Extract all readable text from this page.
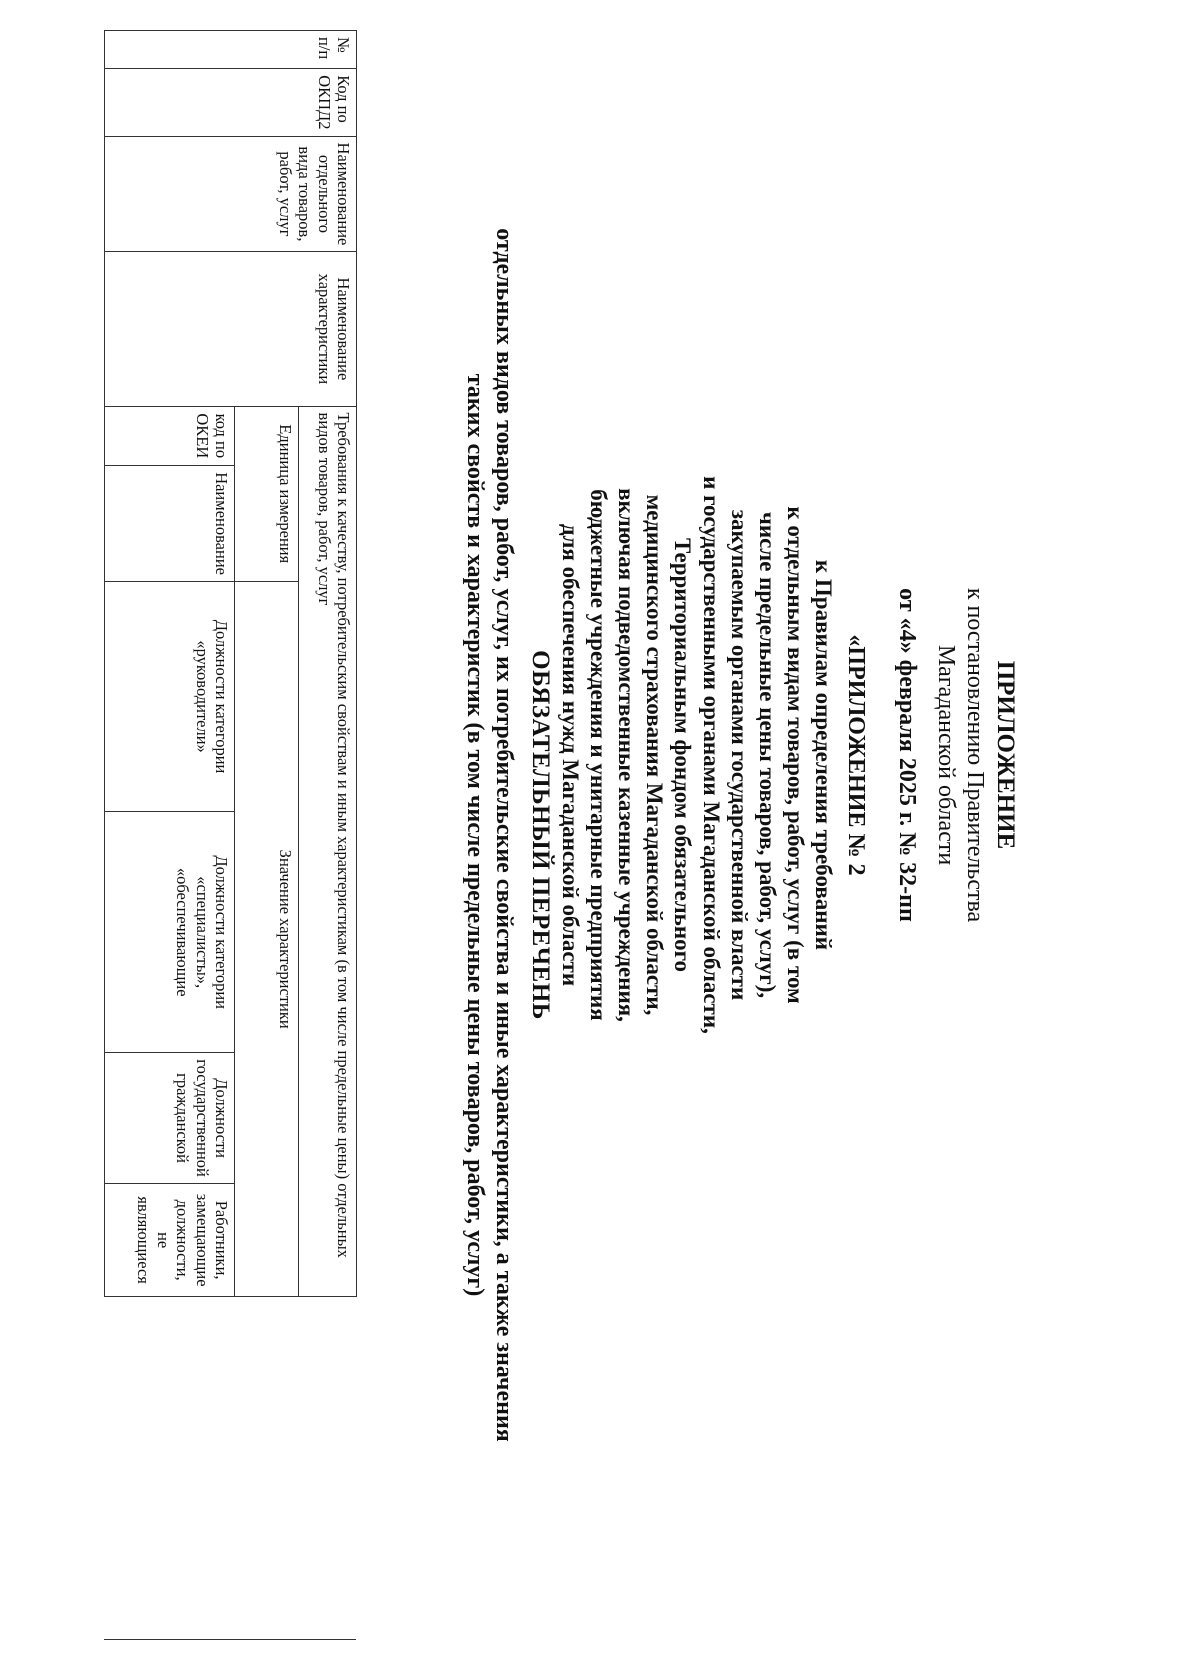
ПРИЛОЖЕНИЕ
к постановлению Правительства
Магаданской области
от «4» февраля 2025 г. № 32-пп

«ПРИЛОЖЕНИЕ № 2

к Правилам определения требований

к отдельным видам товаров, работ, услуг (в том

числе предельные цены товаров, работ, услуг),

закупаемым органами государственной власти

и государственными органами Магаданской области,

Территориальным фондом обязательного

медицинского страхования Магаданской области,

включая подведомственные казенные учреждения,

бюджетные учреждения и унитарные предприятия

для обеспечения нужд Магаданской области

ОБЯЗАТЕЛЬНЫЙ ПЕРЕЧЕНЬ
отдельных видов товаров, работ, услуг, их потребительские свойства и иные характеристики, а также значения
таких свойств и характеристик (в том числе предельные цены товаров, работ, услуг)
№ п/п	Код по ОКПД2	Наименование отдельного вида товаров, работ, услуг	Наименование характеристики	Требования к качеству, потребительским свойствам и иным характеристикам (в том числе предельные цены) отдельных видов товаров, работ, услуг						
				Единица измерения		Значение характеристики				
				код по ОКЕИ	Наименование	Должности категории «руководители»	Должности категории «специалисты», «обеспечивающие	Должности государственной гражданской	Работники, замещающие должности, не являющиеся	
